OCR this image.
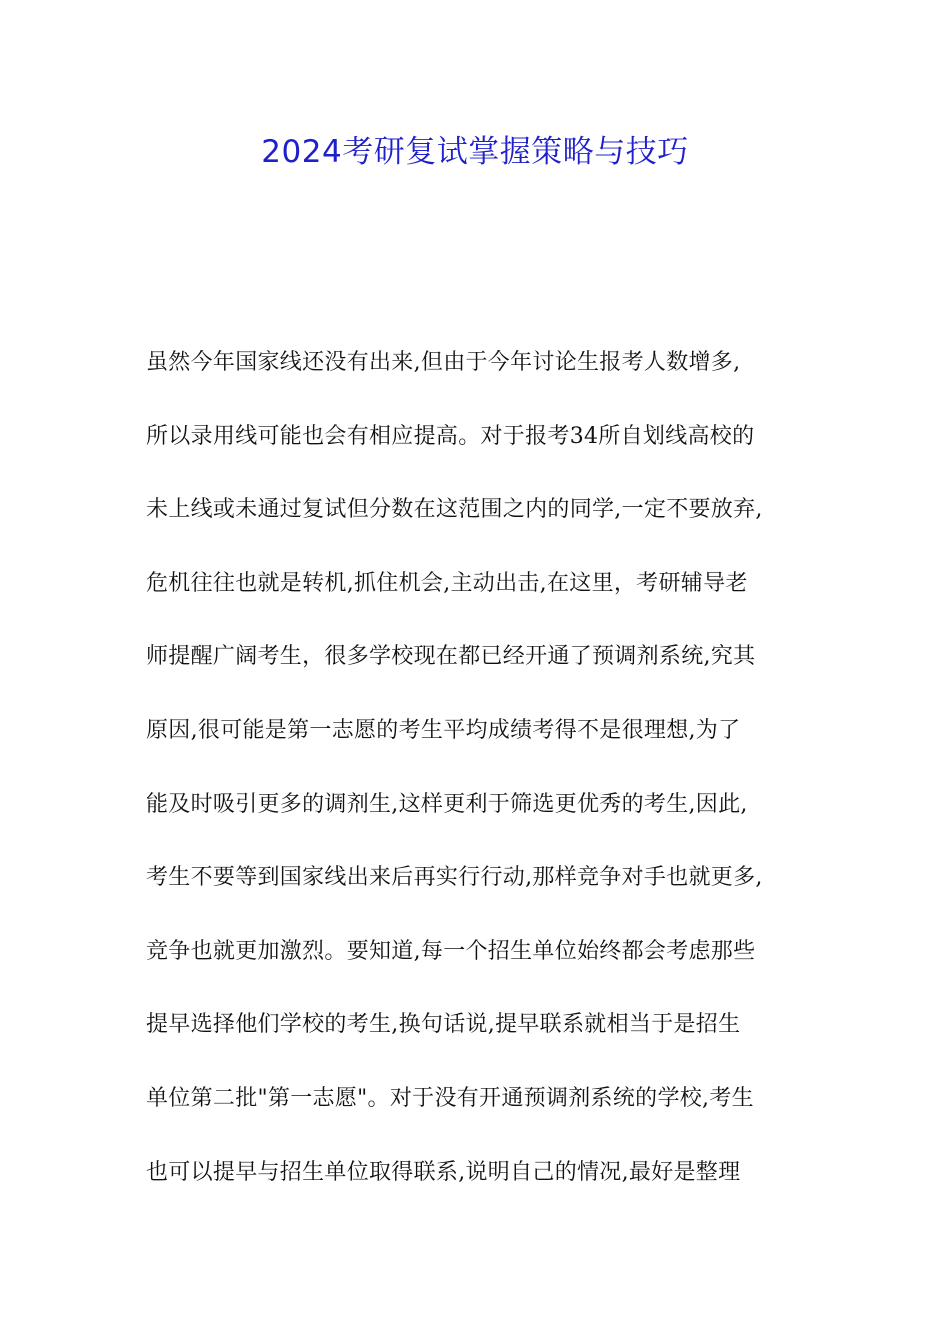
2024考研复试掌握策略与技巧
虽然今年国家线还没有出来,但由于今年讨论生报考人数增多,
所以录用线可能也会有相应提高。对于报考34所自划线高校的
未上线或未通过复试但分数在这范围之内的同学,一定不要放弃,
危机往往也就是转机,抓住机会,主动出击,在这里，考研辅导老
师提醒广阔考生，很多学校现在都已经开通了预调剂系统,究其
原因,很可能是第一志愿的考生平均成绩考得不是很理想,为了
能及时吸引更多的调剂生,这样更利于筛选更优秀的考生,因此,
考生不要等到国家线出来后再实行行动,那样竞争对手也就更多,
竞争也就更加激烈。要知道,每一个招生单位始终都会考虑那些
提早选择他们学校的考生,换句话说,提早联系就相当于是招生
单位第二批"第一志愿"。对于没有开通预调剂系统的学校,考生
也可以提早与招生单位取得联系,说明自己的情况,最好是整理
